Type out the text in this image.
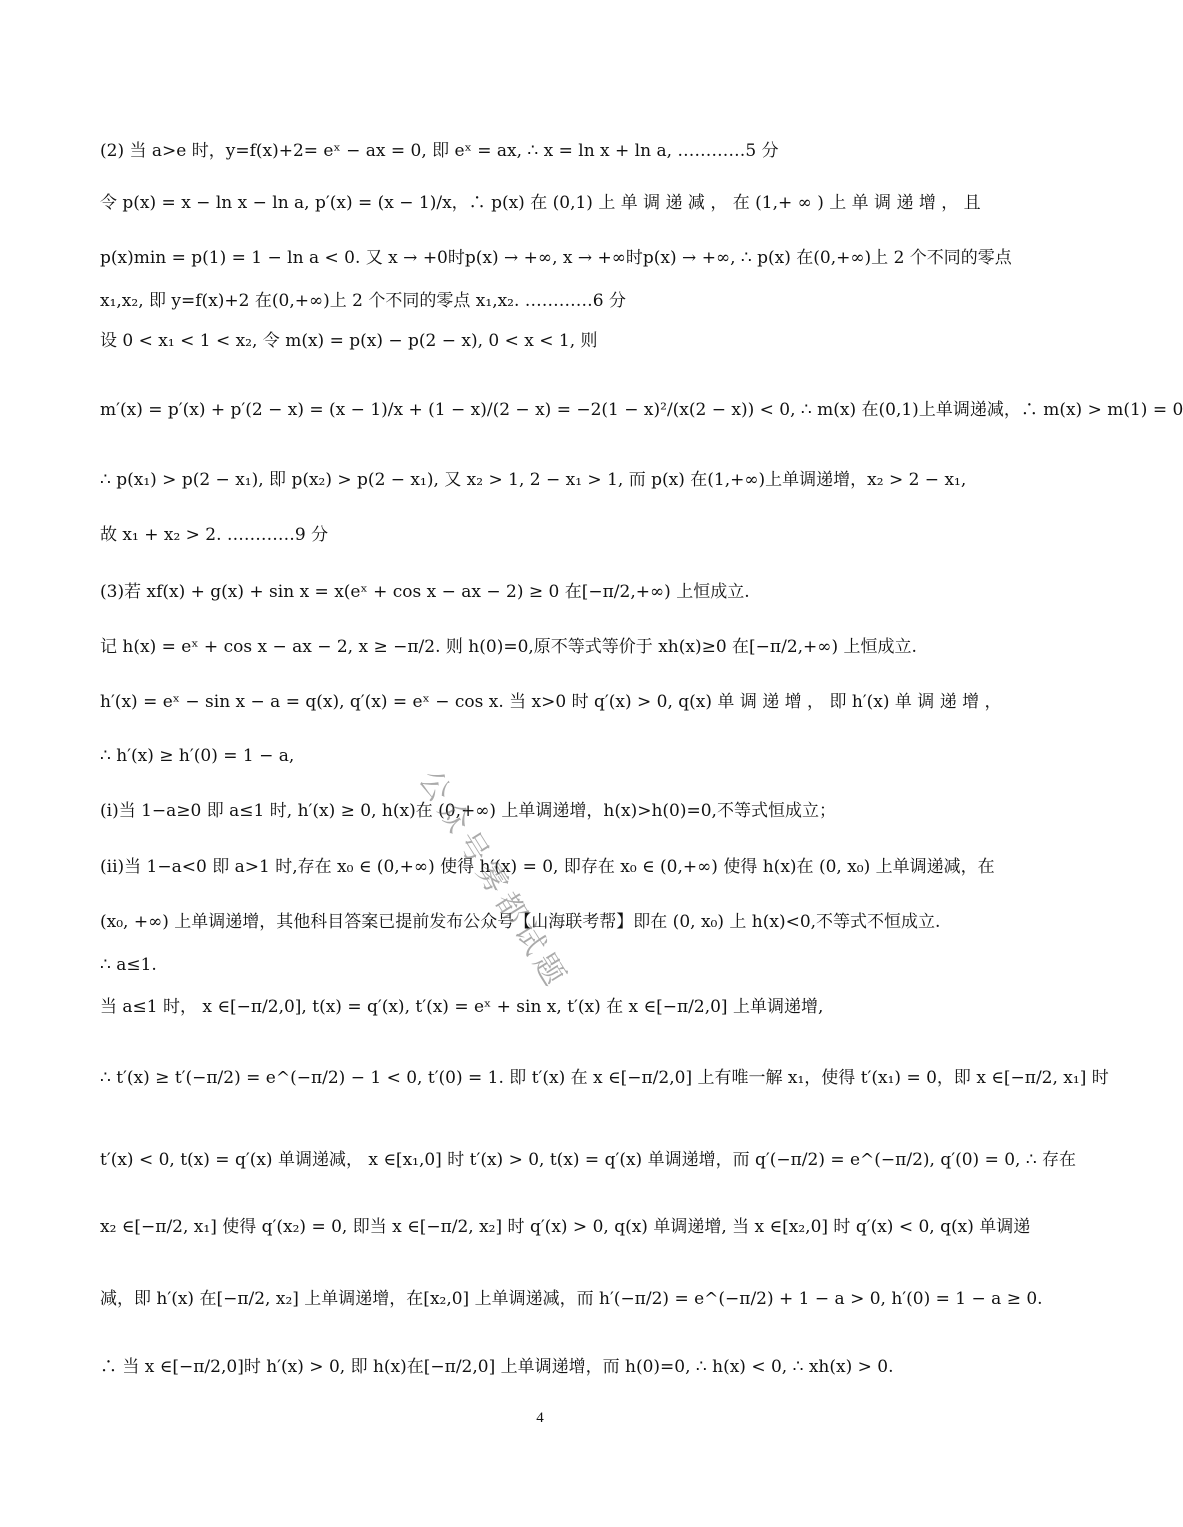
(2) 当 a>e 时，y=f(x)+2= eˣ − ax = 0, 即 eˣ = ax, ∴ x = ln x + ln a, …………5 分
令 p(x) = x − ln x − ln a, p′(x) = (x − 1)/x，∴ p(x) 在 (0,1) 上 单 调 递 减 ， 在 (1,+ ∞ ) 上 单 调 递 增 ， 且
p(x)min = p(1) = 1 − ln a < 0. 又 x → +0时p(x) → +∞, x → +∞时p(x) → +∞, ∴ p(x) 在(0,+∞)上 2 个不同的零点
x₁,x₂, 即 y=f(x)+2 在(0,+∞)上 2 个不同的零点 x₁,x₂. …………6 分
设 0 < x₁ < 1 < x₂, 令 m(x) = p(x) − p(2 − x), 0 < x < 1, 则
m′(x) = p′(x) + p′(2 − x) = (x − 1)/x + (1 − x)/(2 − x) = −2(1 − x)²/(x(2 − x)) < 0, ∴ m(x) 在(0,1)上单调递减，∴ m(x) > m(1) = 0
∴ p(x₁) > p(2 − x₁), 即 p(x₂) > p(2 − x₁), 又 x₂ > 1, 2 − x₁ > 1, 而 p(x) 在(1,+∞)上单调递增，x₂ > 2 − x₁,
故 x₁ + x₂ > 2. …………9 分
(3)若 xf(x) + g(x) + sin x = x(eˣ + cos x − ax − 2) ≥ 0 在[−π/2,+∞) 上恒成立.
记 h(x) = eˣ + cos x − ax − 2, x ≥ −π/2. 则 h(0)=0,原不等式等价于 xh(x)≥0 在[−π/2,+∞) 上恒成立.
h′(x) = eˣ − sin x − a = q(x), q′(x) = eˣ − cos x. 当 x>0 时 q′(x) > 0, q(x) 单 调 递 增 ， 即 h′(x) 单 调 递 增 ，
∴ h′(x) ≥ h′(0) = 1 − a,
(i)当 1−a≥0 即 a≤1 时, h′(x) ≥ 0, h(x)在 (0,+∞) 上单调递增，h(x)>h(0)=0,不等式恒成立；
(ii)当 1−a<0 即 a>1 时,存在 x₀ ∈ (0,+∞) 使得 h′(x) = 0, 即存在 x₀ ∈ (0,+∞) 使得 h(x)在 (0, x₀) 上单调递减，在
(x₀, +∞) 上单调递增，其他科目答案已提前发布公众号【山海联考帮】即在 (0, x₀) 上 h(x)<0,不等式不恒成立.
∴ a≤1.
当 a≤1 时， x ∈[−π/2,0], t(x) = q′(x), t′(x) = eˣ + sin x, t′(x) 在 x ∈[−π/2,0] 上单调递增,
∴ t′(x) ≥ t′(−π/2) = e^(−π/2) − 1 < 0, t′(0) = 1. 即 t′(x) 在 x ∈[−π/2,0] 上有唯一解 x₁，使得 t′(x₁) = 0，即 x ∈[−π/2, x₁] 时
t′(x) < 0, t(x) = q′(x) 单调递减， x ∈[x₁,0] 时 t′(x) > 0, t(x) = q′(x) 单调递增，而 q′(−π/2) = e^(−π/2), q′(0) = 0, ∴ 存在
x₂ ∈[−π/2, x₁] 使得 q′(x₂) = 0, 即当 x ∈[−π/2, x₂] 时 q′(x) > 0, q(x) 单调递增, 当 x ∈[x₂,0] 时 q′(x) < 0, q(x) 单调递
减，即 h′(x) 在[−π/2, x₂] 上单调递增，在[x₂,0] 上单调递减，而 h′(−π/2) = e^(−π/2) + 1 − a > 0, h′(0) = 1 − a ≥ 0.
∴ 当 x ∈[−π/2,0]时 h′(x) > 0, 即 h(x)在[−π/2,0] 上单调递增，而 h(0)=0, ∴ h(x) < 0, ∴ xh(x) > 0.
4
公众号雾都试题
